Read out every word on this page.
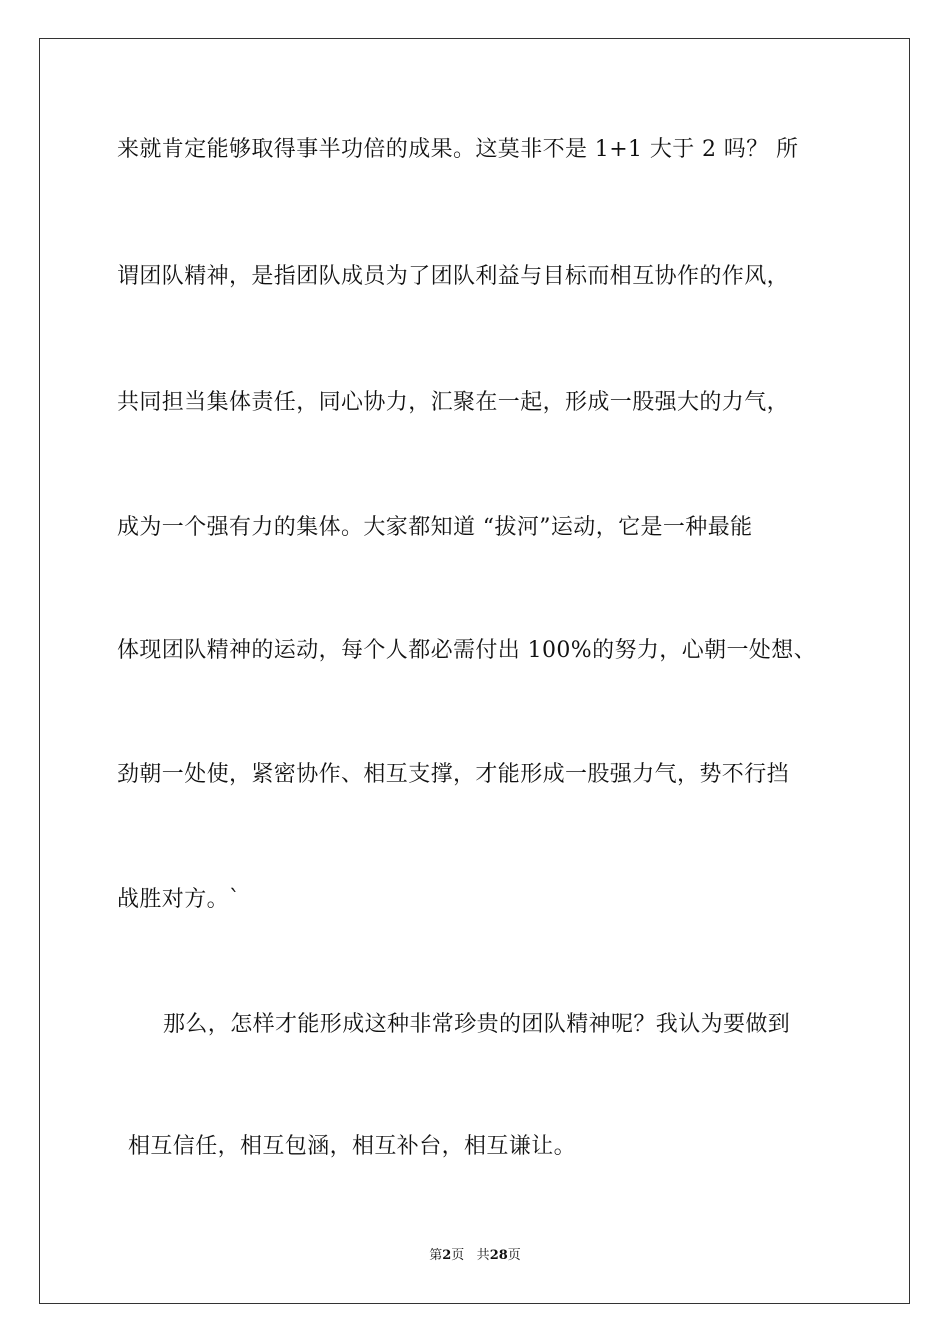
来就肯定能够取得事半功倍的成果。这莫非不是 1+1 大于 2 吗？ 所
谓团队精神，是指团队成员为了团队利益与目标而相互协作的作风，
共同担当集体责任，同心协力，汇聚在一起，形成一股强大的力气，
成为一个强有力的集体。大家都知道 “拔河”运动，它是一种最能
体现团队精神的运动，每个人都必需付出 100%的努力，心朝一处想、
劲朝一处使，紧密协作、相互支撑，才能形成一股强力气，势不行挡
战胜对方。`
那么，怎样才能形成这种非常珍贵的团队精神呢？我认为要做到
相互信任，相互包涵，相互补台，相互谦让。
第2页 共28页
